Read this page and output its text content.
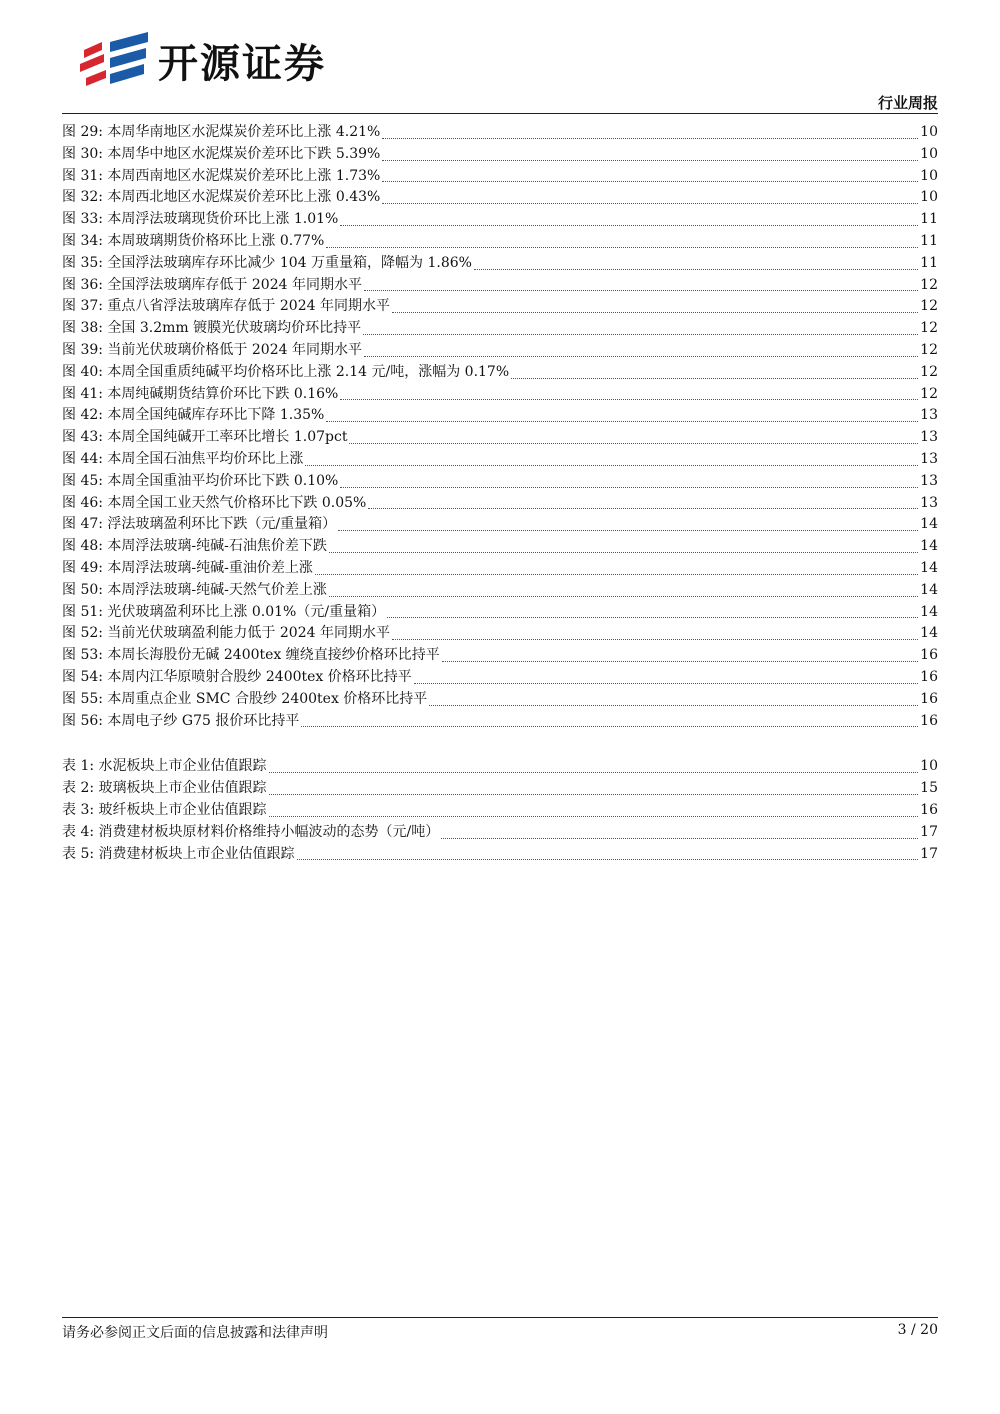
开源证券
行业周报
图 29: 本周华南地区水泥煤炭价差环比上涨 4.21%	10
图 30: 本周华中地区水泥煤炭价差环比下跌 5.39%	10
图 31: 本周西南地区水泥煤炭价差环比上涨 1.73%	10
图 32: 本周西北地区水泥煤炭价差环比上涨 0.43%	10
图 33: 本周浮法玻璃现货价环比上涨 1.01%	11
图 34: 本周玻璃期货价格环比上涨 0.77%	11
图 35: 全国浮法玻璃库存环比减少 104 万重量箱，降幅为 1.86%	11
图 36: 全国浮法玻璃库存低于 2024 年同期水平	12
图 37: 重点八省浮法玻璃库存低于 2024 年同期水平	12
图 38: 全国 3.2mm 镀膜光伏玻璃均价环比持平	12
图 39: 当前光伏玻璃价格低于 2024 年同期水平	12
图 40: 本周全国重质纯碱平均价格环比上涨 2.14 元/吨，涨幅为 0.17%	12
图 41: 本周纯碱期货结算价环比下跌 0.16%	12
图 42: 本周全国纯碱库存环比下降 1.35%	13
图 43: 本周全国纯碱开工率环比增长 1.07pct	13
图 44: 本周全国石油焦平均价环比上涨	13
图 45: 本周全国重油平均价环比下跌 0.10%	13
图 46: 本周全国工业天然气价格环比下跌 0.05%	13
图 47: 浮法玻璃盈利环比下跌（元/重量箱）	14
图 48: 本周浮法玻璃-纯碱-石油焦价差下跌	14
图 49: 本周浮法玻璃-纯碱-重油价差上涨	14
图 50: 本周浮法玻璃-纯碱-天然气价差上涨	14
图 51: 光伏玻璃盈利环比上涨 0.01%（元/重量箱）	14
图 52: 当前光伏玻璃盈利能力低于 2024 年同期水平	14
图 53: 本周长海股份无碱 2400tex 缠绕直接纱价格环比持平	16
图 54: 本周内江华原喷射合股纱 2400tex 价格环比持平	16
图 55: 本周重点企业 SMC 合股纱 2400tex 价格环比持平	16
图 56: 本周电子纱 G75 报价环比持平	16
表 1: 水泥板块上市企业估值跟踪	10
表 2: 玻璃板块上市企业估值跟踪	15
表 3: 玻纤板块上市企业估值跟踪	16
表 4: 消费建材板块原材料价格维持小幅波动的态势（元/吨）	17
表 5: 消费建材板块上市企业估值跟踪	17
请务必参阅正文后面的信息披露和法律声明	3 / 20
